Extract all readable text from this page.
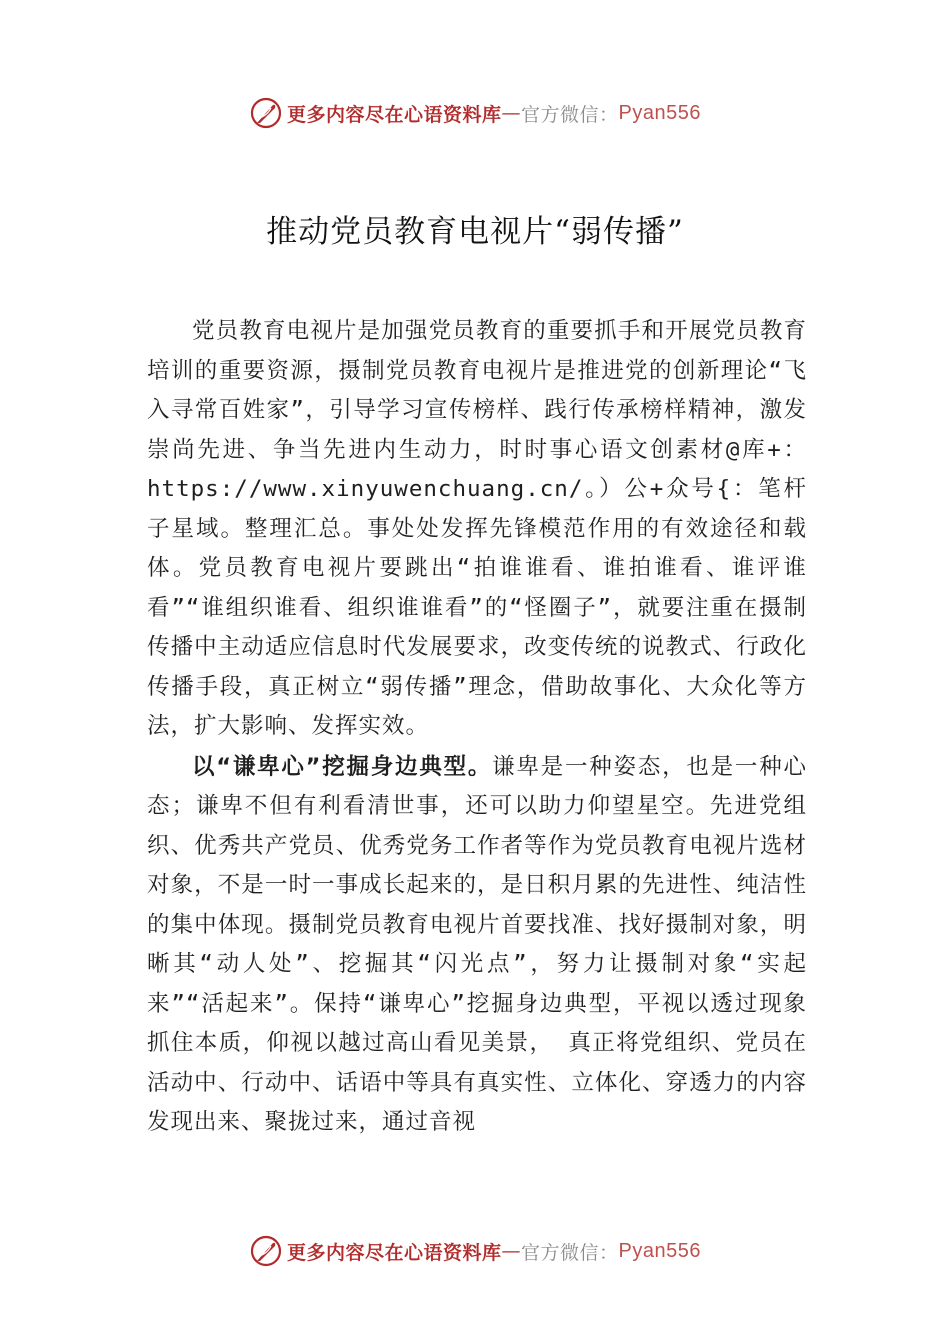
更多内容尽在心语资料库 — 官方微信： Pyan556
推动党员教育电视片“弱传播”

党员教育电视片是加强党员教育的重要抓手和开展党员教育培训的重要资源，摄制党员教育电视片是推进党的创新理论“飞入寻常百姓家”，引导学习宣传榜样、践行传承榜样精神，激发崇尚先进、争当先进内生动力，时时事心语文创素材@库+：https://www.xinyuwenchuang.cn/。）公+众号{：笔杆子星域。整理汇总。事处处发挥先锋模范作用的有效途径和载体。党员教育电视片要跳出“拍谁谁看、谁拍谁看、谁评谁看”“谁组织谁看、组织谁谁看”的“怪圈子”，就要注重在摄制传播中主动适应信息时代发展要求，改变传统的说教式、行政化传播手段，真正树立“弱传播”理念，借助故事化、大众化等方法，扩大影响、发挥实效。

以“谦卑心”挖掘身边典型。谦卑是一种姿态，也是一种心态；谦卑不但有利看清世事，还可以助力仰望星空。先进党组织、优秀共产党员、优秀党务工作者等作为党员教育电视片选材对象，不是一时一事成长起来的，是日积月累的先进性、纯洁性的集中体现。摄制党员教育电视片首要找准、找好摄制对象，明晰其“动人处”、挖掘其“闪光点”，努力让摄制对象“实起来”“活起来”。保持“谦卑心”挖掘身边典型，平视以透过现象抓住本质，仰视以越过高山看见美景， 真正将党组织、党员在活动中、行动中、话语中等具有真实性、立体化、穿透力的内容发现出来、聚拢过来，通过音视

更多内容尽在心语资料库 — 官方微信： Pyan556
